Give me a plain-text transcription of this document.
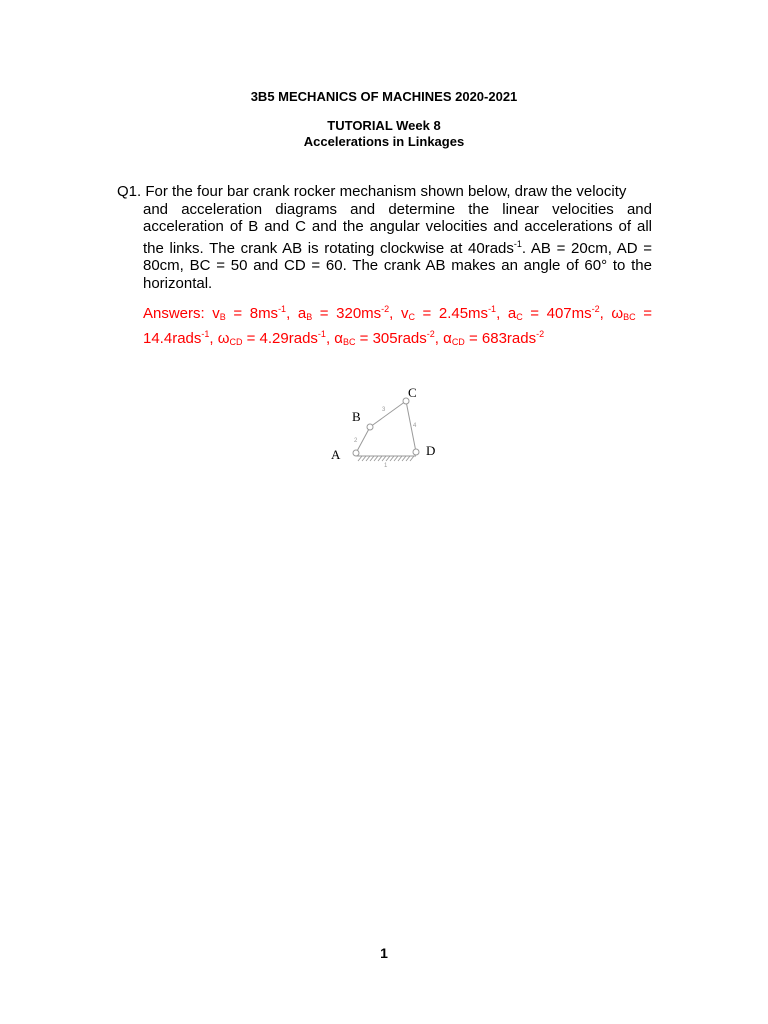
3B5 MECHANICS OF MACHINES 2020-2021
TUTORIAL Week 8
Accelerations in Linkages
Q1. For the four bar crank rocker mechanism shown below, draw the velocity
and acceleration diagrams and determine the linear velocities and
acceleration of B and C and the angular velocities and accelerations of all
the links. The crank AB is rotating clockwise at 40rads$^{-1}$. AB = 20cm, AD =
80cm, BC = 50 and CD = 60. The crank AB makes an angle of 60° to the
horizontal.
Answers: $v_B = 8ms^{-1}$, $a_B = 320ms^{-2}$, $v_C = 2.45ms^{-1}$, $a_C = 407ms^{-2}$, $\omega_{BC}$ =
14.4rads$^{-1}$, $\omega_{CD}$ = 4.29rads$^{-1}$, $\alpha_{BC}$ = 305rads$^{-2}$, $\alpha_{CD}$ = 683rads$^{-2}$
A
B
C
D
1
2
3
4
1
